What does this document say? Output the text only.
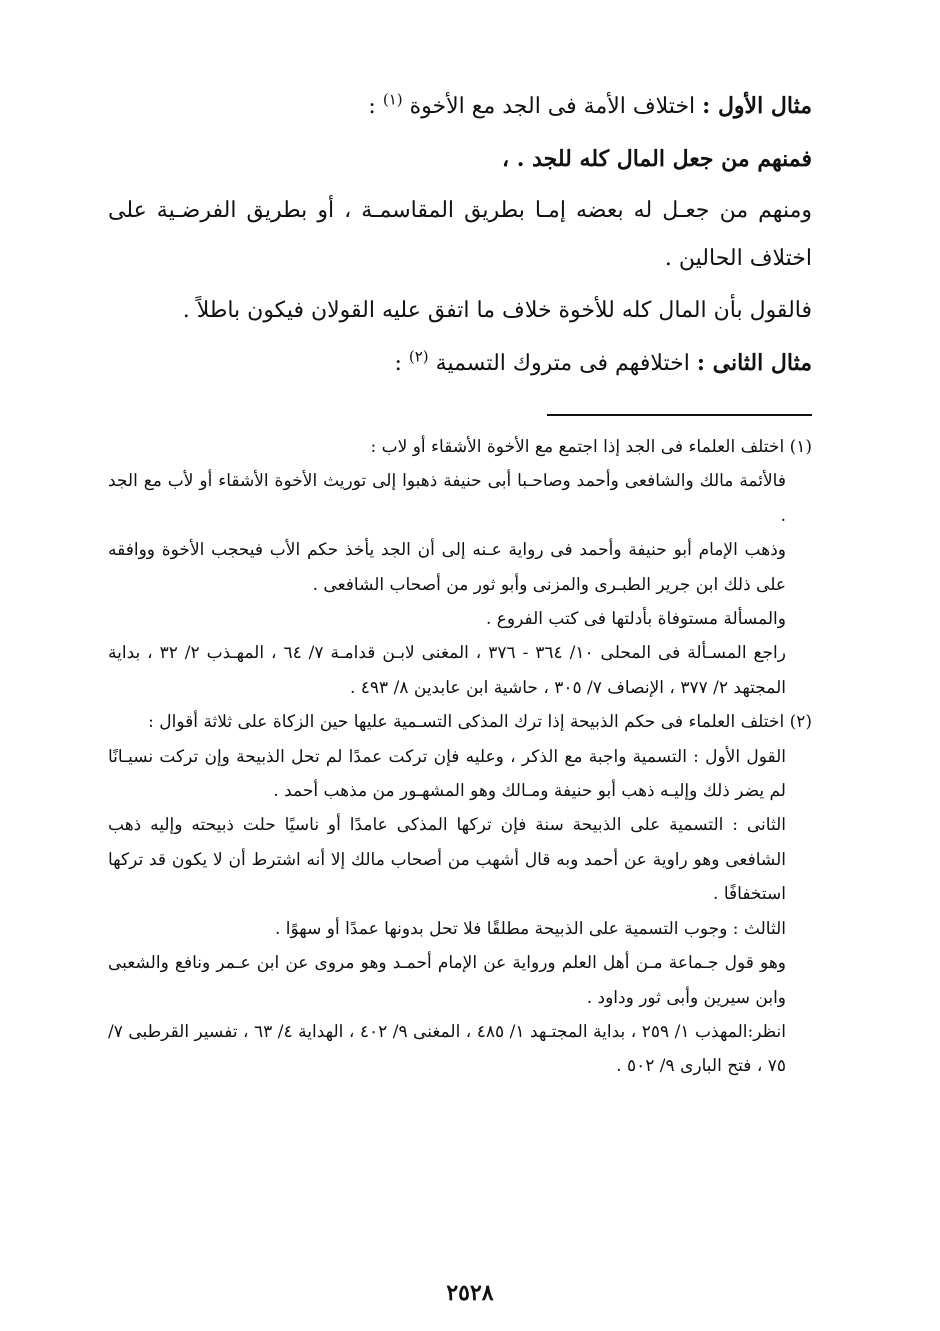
مثال الأول : اختلاف الأمة فى الجد مع الأخوة $^{(١)}$ :

فمنهم من جعل المال كله للجد . ،

ومنهم من جعـل له بعضه إمـا بطريق المقاسمـة ، أو بطريق الفرضـية على اختلاف الحالين .

فالقول بأن المال كله للأخوة خلاف ما اتفق عليه القولان فيكون باطلاً .

مثال الثانى : اختلافهم فى متروك التسمية $^{(٢)}$ :

(١) اختلف العلماء فى الجد إذا اجتمع مع الأخوة الأشقاء أو لاب :

فالأئمة مالك والشافعى وأحمد وصاحـبا أبى حنيفة ذهبوا إلى توريث الأخوة الأشقاء أو لأب مع الجد .

وذهب الإمام أبو حنيفة وأحمد فى رواية عـنه إلى أن الجد يأخذ حكم الأب فيحجب الأخوة ووافقه على ذلك ابن جرير الطبـرى والمزنى وأبو ثور من أصحاب الشافعى .

والمسألة مستوفاة بأدلتها فى كتب الفروع .

راجع المسـألة فى المحلى ١٠/ ٣٦٤ - ٣٧٦ ، المغنى لابـن قدامـة ٧/ ٦٤ ، المهـذب ٢/ ٣٢ ، بداية المجتهد ٢/ ٣٧٧ ، الإنصاف ٧/ ٣٠٥ ، حاشية ابن عابدين ٨/ ٤٩٣ .

(٢) اختلف العلماء فى حكم الذبيحة إذا ترك المذكى التسـمية عليها حين الزكاة على ثلاثة أقوال :

القول الأول : التسمية واجبة مع الذكر ، وعليه فإن تركت عمدًا لم تحل الذبيحة وإن تركت نسيـانًا لم يضر ذلك وإليـه ذهب أبو حنيفة ومـالك وهو المشهـور من مذهب أحمد .

الثانى : التسمية على الذبيحة سنة فإن تركها المذكى عامدًا أو ناسيًا حلت ذبيحته وإليه ذهب الشافعى وهو راوية عن أحمد وبه قال أشهب من أصحاب مالك إلا أنه اشترط أن لا يكون قد تركها استخفافًا .

الثالث : وجوب التسمية على الذبيحة مطلقًا فلا تحل بدونها عمدًا أو سهوًا .

وهو قول جـماعة مـن أهل العلم ورواية عن الإمام أحمـد وهو مروى عن ابن عـمر ونافع والشعبى وابن سيرين وأبى ثور وداود .

انظر:المهذب ١/ ٢٥٩ ، بداية المجتـهد ١/ ٤٨٥ ، المغنى ٩/ ٤٠٢ ، الهداية ٤/ ٦٣ ، تفسير القرطبى ٧/ ٧٥ ، فتح البارى ٩/ ٥٠٢ .

٢٥٢٨
